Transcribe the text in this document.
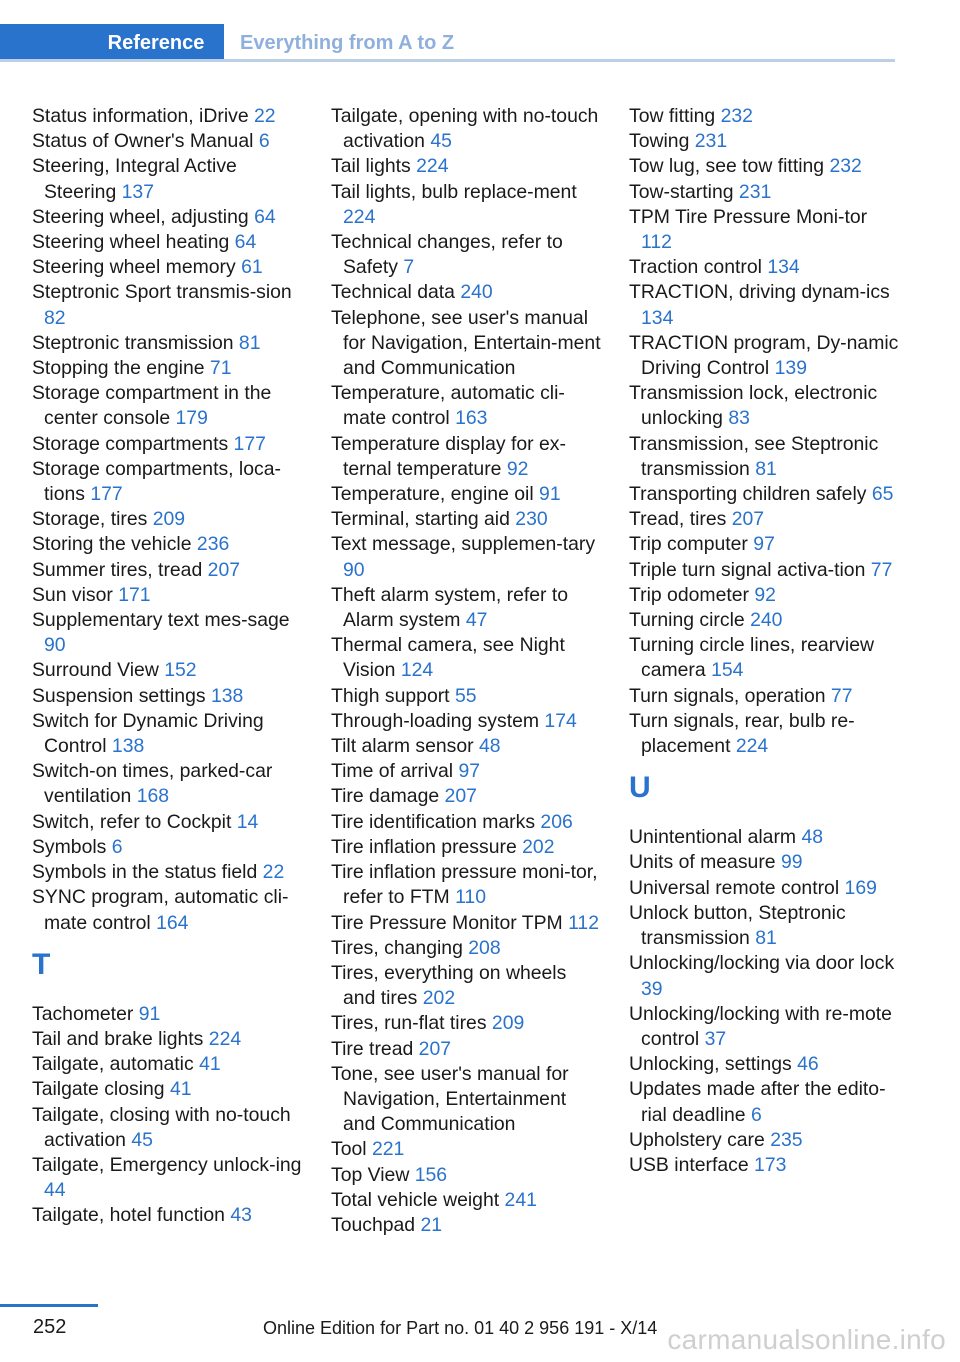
Reference Everything from A to Z

Status information, iDrive 22

Status of Owner's Manual 6

Steering, Integral Active Steering 137

Steering wheel, adjusting 64

Steering wheel heating 64

Steering wheel memory 61

Steptronic Sport transmis-sion 82

Steptronic transmission 81

Stopping the engine 71

Storage compartment in the center console 179

Storage compartments 177

Storage compartments, loca-tions 177

Storage, tires 209

Storing the vehicle 236

Summer tires, tread 207

Sun visor 171

Supplementary text mes-sage 90

Surround View 152

Suspension settings 138

Switch for Dynamic Driving Control 138

Switch-on times, parked-car ventilation 168

Switch, refer to Cockpit 14

Symbols 6

Symbols in the status field 22

SYNC program, automatic cli-mate control 164

T

Tachometer 91

Tail and brake lights 224

Tailgate, automatic 41

Tailgate closing 41

Tailgate, closing with no-touch activation 45

Tailgate, Emergency unlock-ing 44

Tailgate, hotel function 43

Tailgate, opening with no-touch activation 45

Tail lights 224

Tail lights, bulb replace-ment 224

Technical changes, refer to Safety 7

Technical data 240

Telephone, see user's manual for Navigation, Entertain-ment and Communication

Temperature, automatic cli-mate control 163

Temperature display for ex-ternal temperature 92

Temperature, engine oil 91

Terminal, starting aid 230

Text message, supplemen-tary 90

Theft alarm system, refer to Alarm system 47

Thermal camera, see Night Vision 124

Thigh support 55

Through-loading system 174

Tilt alarm sensor 48

Time of arrival 97

Tire damage 207

Tire identification marks 206

Tire inflation pressure 202

Tire inflation pressure moni-tor, refer to FTM 110

Tire Pressure Monitor TPM 112

Tires, changing 208

Tires, everything on wheels and tires 202

Tires, run-flat tires 209

Tire tread 207

Tone, see user's manual for Navigation, Entertainment and Communication

Tool 221

Top View 156

Total vehicle weight 241

Touchpad 21

Tow fitting 232

Towing 231

Tow lug, see tow fitting 232

Tow-starting 231

TPM Tire Pressure Moni-tor 112

Traction control 134

TRACTION, driving dynam-ics 134

TRACTION program, Dy-namic Driving Control 139

Transmission lock, electronic unlocking 83

Transmission, see Steptronic transmission 81

Transporting children safely 65

Tread, tires 207

Trip computer 97

Triple turn signal activa-tion 77

Trip odometer 92

Turning circle 240

Turning circle lines, rearview camera 154

Turn signals, operation 77

Turn signals, rear, bulb re-placement 224

U

Unintentional alarm 48

Units of measure 99

Universal remote control 169

Unlock button, Steptronic transmission 81

Unlocking/locking via door lock 39

Unlocking/locking with re-mote control 37

Unlocking, settings 46

Updates made after the edito-rial deadline 6

Upholstery care 235

USB interface 173

252	Online Edition for Part no. 01 40 2 956 191 - X/14 carmanualsonline.info
